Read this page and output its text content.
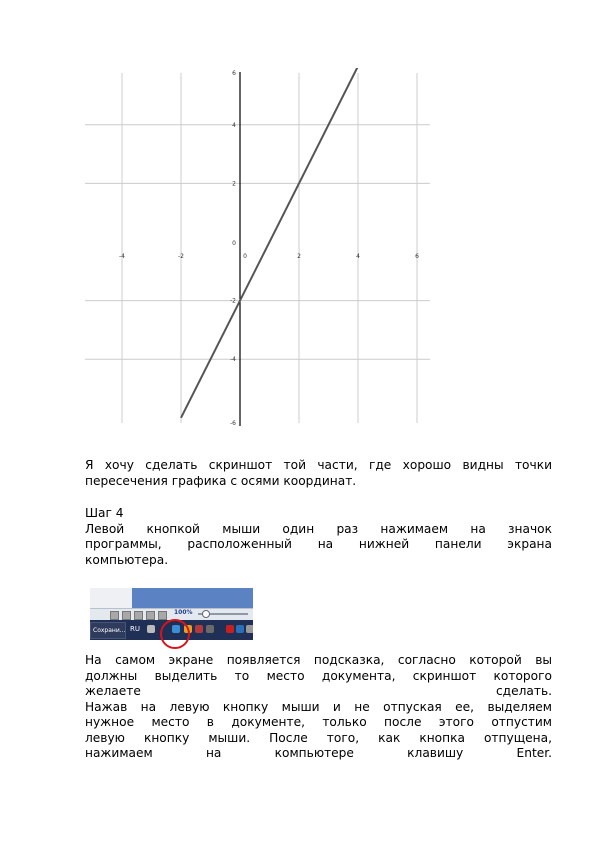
-4	-2	0	2	4	6
6
4
2
0
-2
-4
-6
Я хочу сделать скриншот той части, где хорошо видны точки
пересечения графика с осями координат.
Шаг 4
Левой кнопкой мыши один раз нажимаем на значок
программы, расположенный на нижней панели экрана
компьютера.
100%
Сохрани... RU
На самом экране появляется подсказка, согласно которой вы
должны выделить то место документа, скриншот которого
желаете сделать.
Нажав на левую кнопку мыши и не отпуская ее, выделяем
нужное место в документе, только после этого отпустим
левую кнопку мыши. После того, как кнопка отпущена,
нажимаем на компьютере клавишу Enter.
